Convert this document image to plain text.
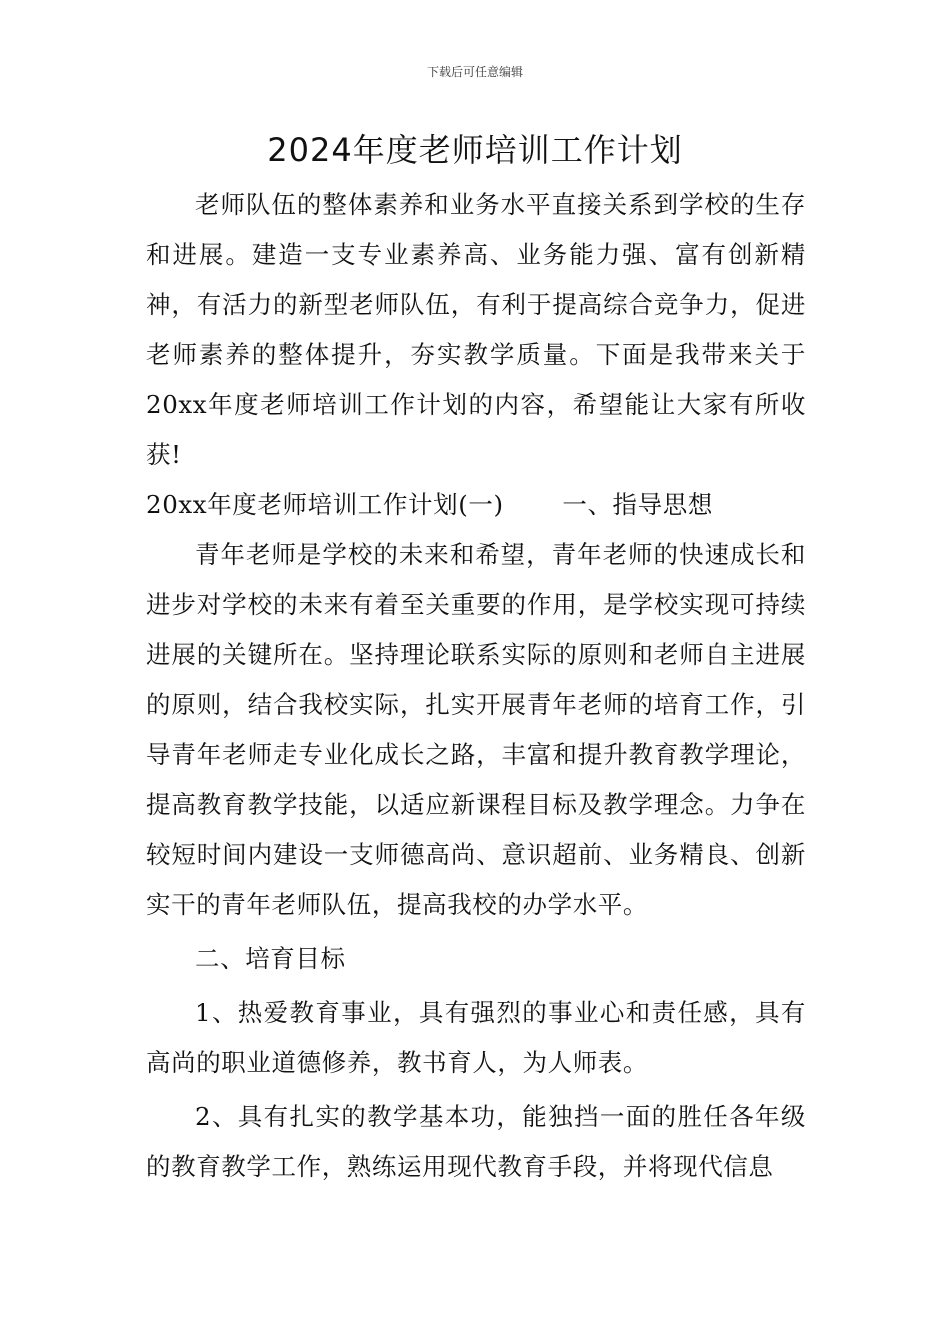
下载后可任意编辑
2024年度老师培训工作计划

老师队伍的整体素养和业务水平直接关系到学校的生存和进展。建造一支专业素养高、业务能力强、富有创新精神，有活力的新型老师队伍，有利于提高综合竞争力，促进老师素养的整体提升，夯实教学质量。下面是我带来关于20xx年度老师培训工作计划的内容，希望能让大家有所收获!

20xx年度老师培训工作计划(一) 一、指导思想

青年老师是学校的未来和希望，青年老师的快速成长和进步对学校的未来有着至关重要的作用，是学校实现可持续进展的关键所在。坚持理论联系实际的原则和老师自主进展的原则，结合我校实际，扎实开展青年老师的培育工作，引导青年老师走专业化成长之路，丰富和提升教育教学理论，提高教育教学技能，以适应新课程目标及教学理念。力争在较短时间内建设一支师德高尚、意识超前、业务精良、创新实干的青年老师队伍，提高我校的办学水平。

二、培育目标

1、热爱教育事业，具有强烈的事业心和责任感，具有高尚的职业道德修养，教书育人，为人师表。

2、具有扎实的教学基本功，能独挡一面的胜任各年级的教育教学工作，熟练运用现代教育手段，并将现代信息
